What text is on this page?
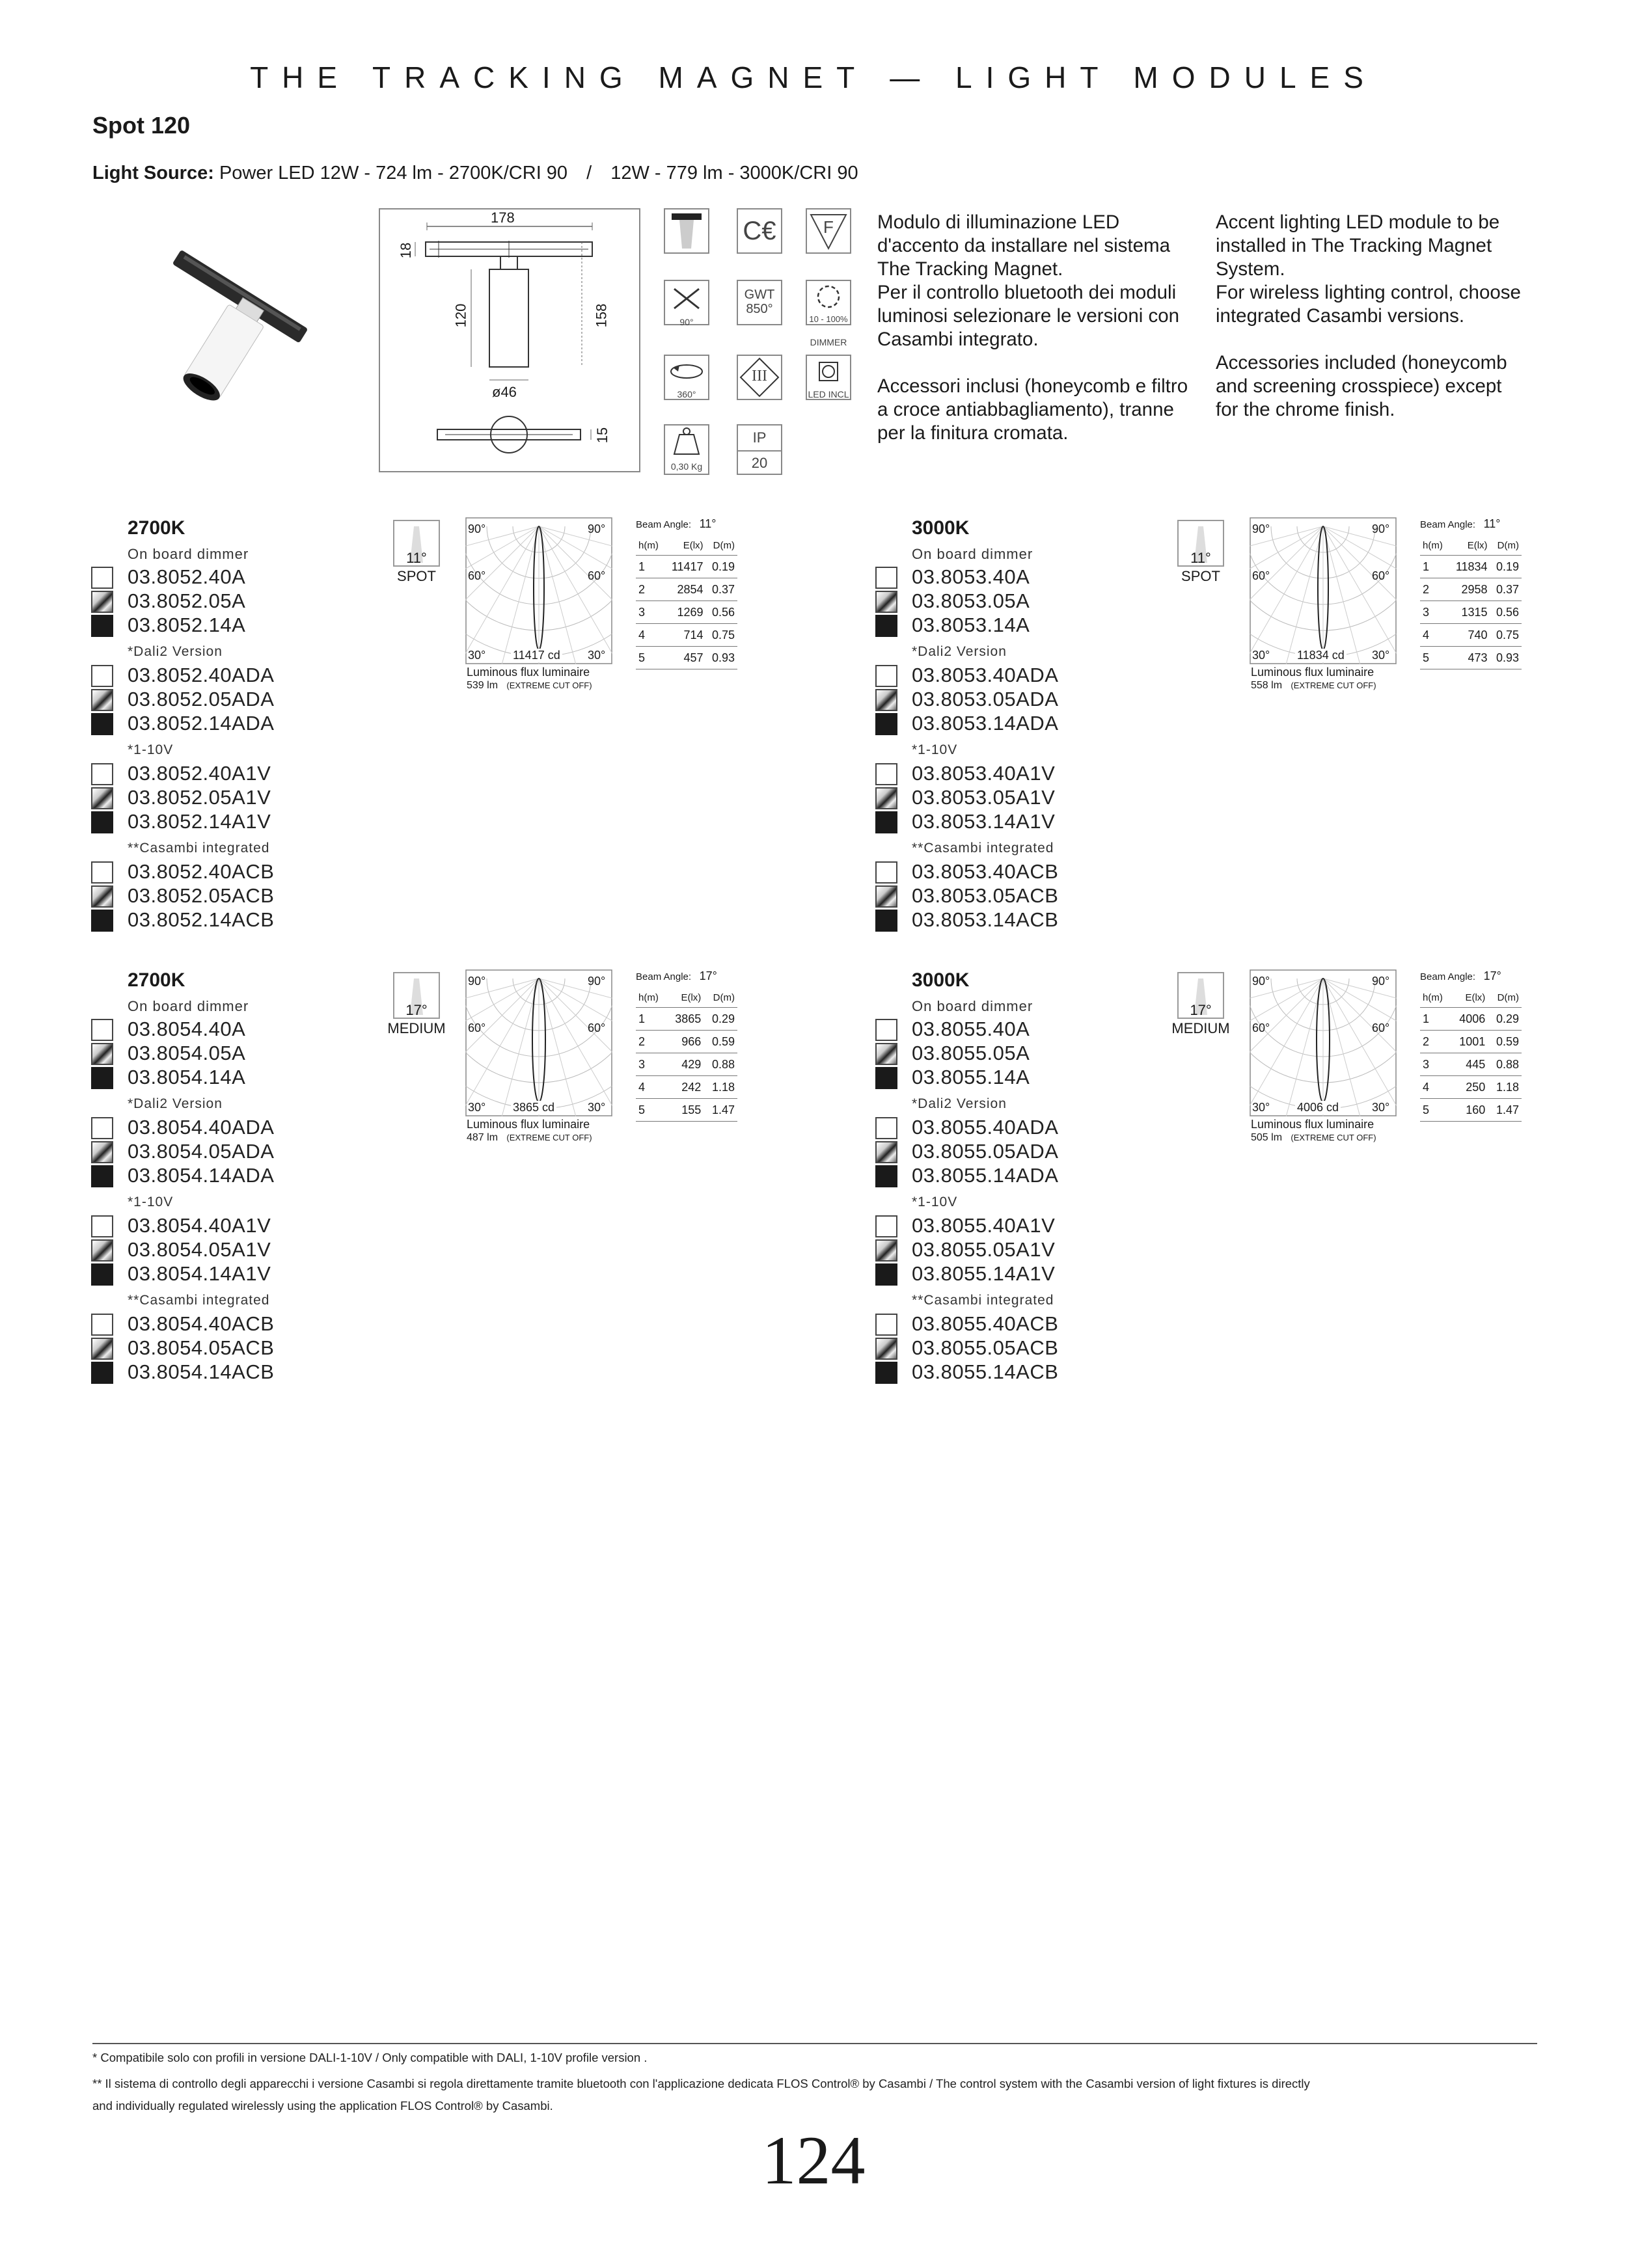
THE TRACKING MAGNET — LIGHT MODULES
Spot 120
Light Source: Power LED 12W - 724 lm - 2700K/CRI 90 / 12W - 779 lm - 3000K/CRI 90
178
18
120	158
ø46
15
C€	F
90°
GWT
850°
10 - 100%
DIMMER
360°
III
LED INCL
0,30 Kg
IP
20
Modulo di illuminazione LED
d'accento da installare nel sistema
The Tracking Magnet.
Per il controllo bluetooth dei moduli
luminosi selezionare le versioni con
Casambi integrato.
Accessori inclusi (honeycomb e filtro
a croce antiabbagliamento), tranne
per la finitura cromata.
Accent lighting LED module to be
installed in The Tracking Magnet
System.
For wireless lighting control, choose
integrated Casambi versions.
Accessories included (honeycomb
and screening crosspiece) except
for the chrome finish.
2700K
On board dimmer
03.8052.40A
03.8052.05A
03.8052.14A
*Dali2 Version
03.8052.40ADA
03.8052.05ADA
03.8052.14ADA
*1-10V
03.8052.40A1V
03.8052.05A1V
03.8052.14A1V
**Casambi integrated
03.8052.40ACB
03.8052.05ACB
03.8052.14ACB
11°
SPOT
90°	90°
60°	60°
30°	30°
11417 cd
Luminous flux luminaire
539 lm (EXTREME CUT OFF)
Beam Angle: 11°
h(m)	E(lx)	D(m)
1	11417	0.19
2	2854	0.37
3	1269	0.56
4	714	0.75
5	457	0.93
3000K
On board dimmer
03.8053.40A
03.8053.05A
03.8053.14A
*Dali2 Version
03.8053.40ADA
03.8053.05ADA
03.8053.14ADA
*1-10V
03.8053.40A1V
03.8053.05A1V
03.8053.14A1V
**Casambi integrated
03.8053.40ACB
03.8053.05ACB
03.8053.14ACB
11°
SPOT
90°	90°
60°	60°
30°	30°
11834 cd
Luminous flux luminaire
558 lm (EXTREME CUT OFF)
Beam Angle: 11°
h(m)	E(lx)	D(m)
1	11834	0.19
2	2958	0.37
3	1315	0.56
4	740	0.75
5	473	0.93
2700K
On board dimmer
03.8054.40A
03.8054.05A
03.8054.14A
*Dali2 Version
03.8054.40ADA
03.8054.05ADA
03.8054.14ADA
*1-10V
03.8054.40A1V
03.8054.05A1V
03.8054.14A1V
**Casambi integrated
03.8054.40ACB
03.8054.05ACB
03.8054.14ACB
17°
MEDIUM
90°	90°
60°	60°
30°	30°
3865 cd
Luminous flux luminaire
487 lm (EXTREME CUT OFF)
Beam Angle: 17°
h(m)	E(lx)	D(m)
1	3865	0.29
2	966	0.59
3	429	0.88
4	242	1.18
5	155	1.47
3000K
On board dimmer
03.8055.40A
03.8055.05A
03.8055.14A
*Dali2 Version
03.8055.40ADA
03.8055.05ADA
03.8055.14ADA
*1-10V
03.8055.40A1V
03.8055.05A1V
03.8055.14A1V
**Casambi integrated
03.8055.40ACB
03.8055.05ACB
03.8055.14ACB
17°
MEDIUM
90°	90°
60°	60°
30°	30°
4006 cd
Luminous flux luminaire
505 lm (EXTREME CUT OFF)
Beam Angle: 17°
h(m)	E(lx)	D(m)
1	4006	0.29
2	1001	0.59
3	445	0.88
4	250	1.18
5	160	1.47
* Compatibile solo con profili in versione DALI-1-10V / Only compatible with DALI, 1-10V profile version .
** Il sistema di controllo degli apparecchi i versione Casambi si regola direttamente tramite bluetooth con l'applicazione dedicata FLOS Control® by Casambi / The control system with the Casambi version of light fixtures is directly
and individually regulated wirelessly using the application FLOS Control® by Casambi.
124
